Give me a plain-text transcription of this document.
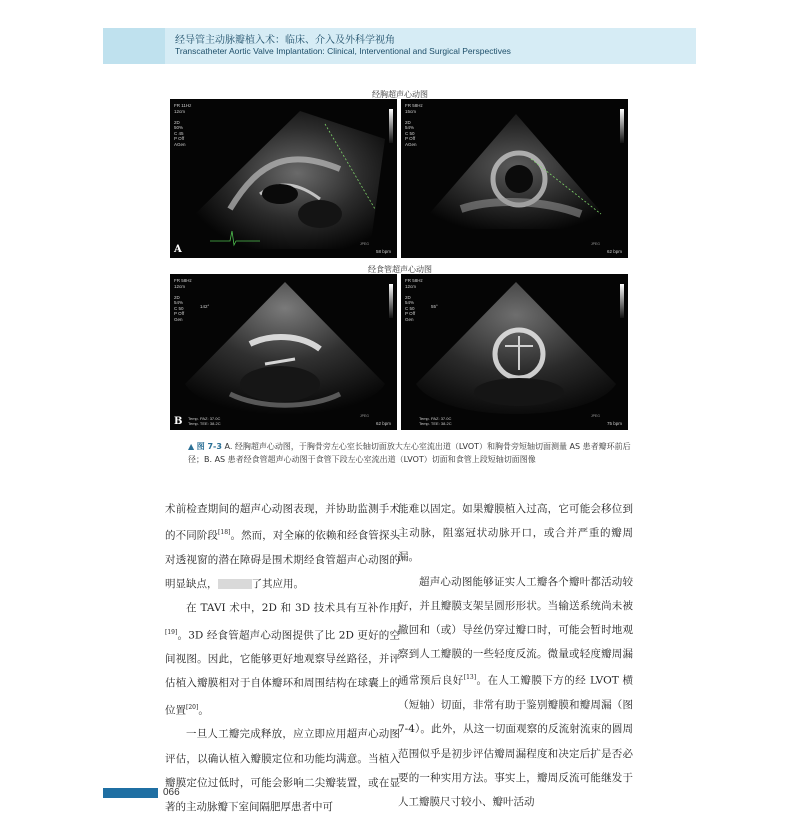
经导管主动脉瓣植入术：临床、介入及外科学视角
Transcatheter Aortic Valve Implantation: Clinical, Interventional and Surgical Perspectives
经胸超声心动图
FR 11Hz
12cm

2D
50%
C 45
P Off
AGen
JPEG
58 bpm
A
FR 58Hz
15cm

2D
54%
C 50
P Off
AGen
JPEG
62 bpm
经食管超声心动图
FR 58Hz
12cm

2D
54%
C 50
P Off
Gen
142°
JPEG
62 bpm
B Temp. PAZ: 37.0C
Temp. TEE: 38.2C
FR 58Hz
12cm

2D
54%
C 50
P Off
Gen
55°
JPEG
75 bpm
Temp. PAZ: 37.0C
Temp. TEE: 38.2C
▲ 图 7-3 A. 经胸超声心动图，于胸骨旁左心室长轴切面放大左心室流出道（LVOT）和胸骨旁短轴切面测量 AS 患者瓣环前后径；B. AS 患者经食管超声心动图于食管下段左心室流出道（LVOT）切面和食管上段短轴切面图像

术前检查期间的超声心动图表现，并协助监测手术的不同阶段[18]。然而，对全麻的依赖和经食管探头对透视窗的潜在障碍是围术期经食管超声心动图的明显缺点，	了其应用。

在 TAVI 术中，2D 和 3D 技术具有互补作用[19]。3D 经食管超声心动图提供了比 2D 更好的空间视图。因此，它能够更好地观察导丝路径，并评估植入瓣膜相对于自体瓣环和周围结构在球囊上的位置[20]。

一旦人工瓣完成释放，应立即应用超声心动图评估，以确认植入瓣膜定位和功能均满意。当植入瓣膜定位过低时，可能会影响二尖瓣装置，或在显著的主动脉瓣下室间隔肥厚患者中可

能难以固定。如果瓣膜植入过高，它可能会移位到主动脉，阻塞冠状动脉开口，或合并严重的瓣周漏。

超声心动图能够证实人工瓣各个瓣叶都活动较好，并且瓣膜支架呈圆形形状。当输送系统尚未被撤回和（或）导丝仍穿过瓣口时，可能会暂时地观察到人工瓣膜的一些轻度反流。微量或轻度瓣周漏通常预后良好[13]。在人工瓣膜下方的经 LVOT 横（短轴）切面，非常有助于鉴别瓣膜和瓣周漏（图 7-4）。此外，从这一切面观察的反流射流束的圆周范围似乎是初步评估瓣周漏程度和决定后扩是否必要的一种实用方法。事实上，瓣周反流可能继发于人工瓣膜尺寸较小、瓣叶活动

066
